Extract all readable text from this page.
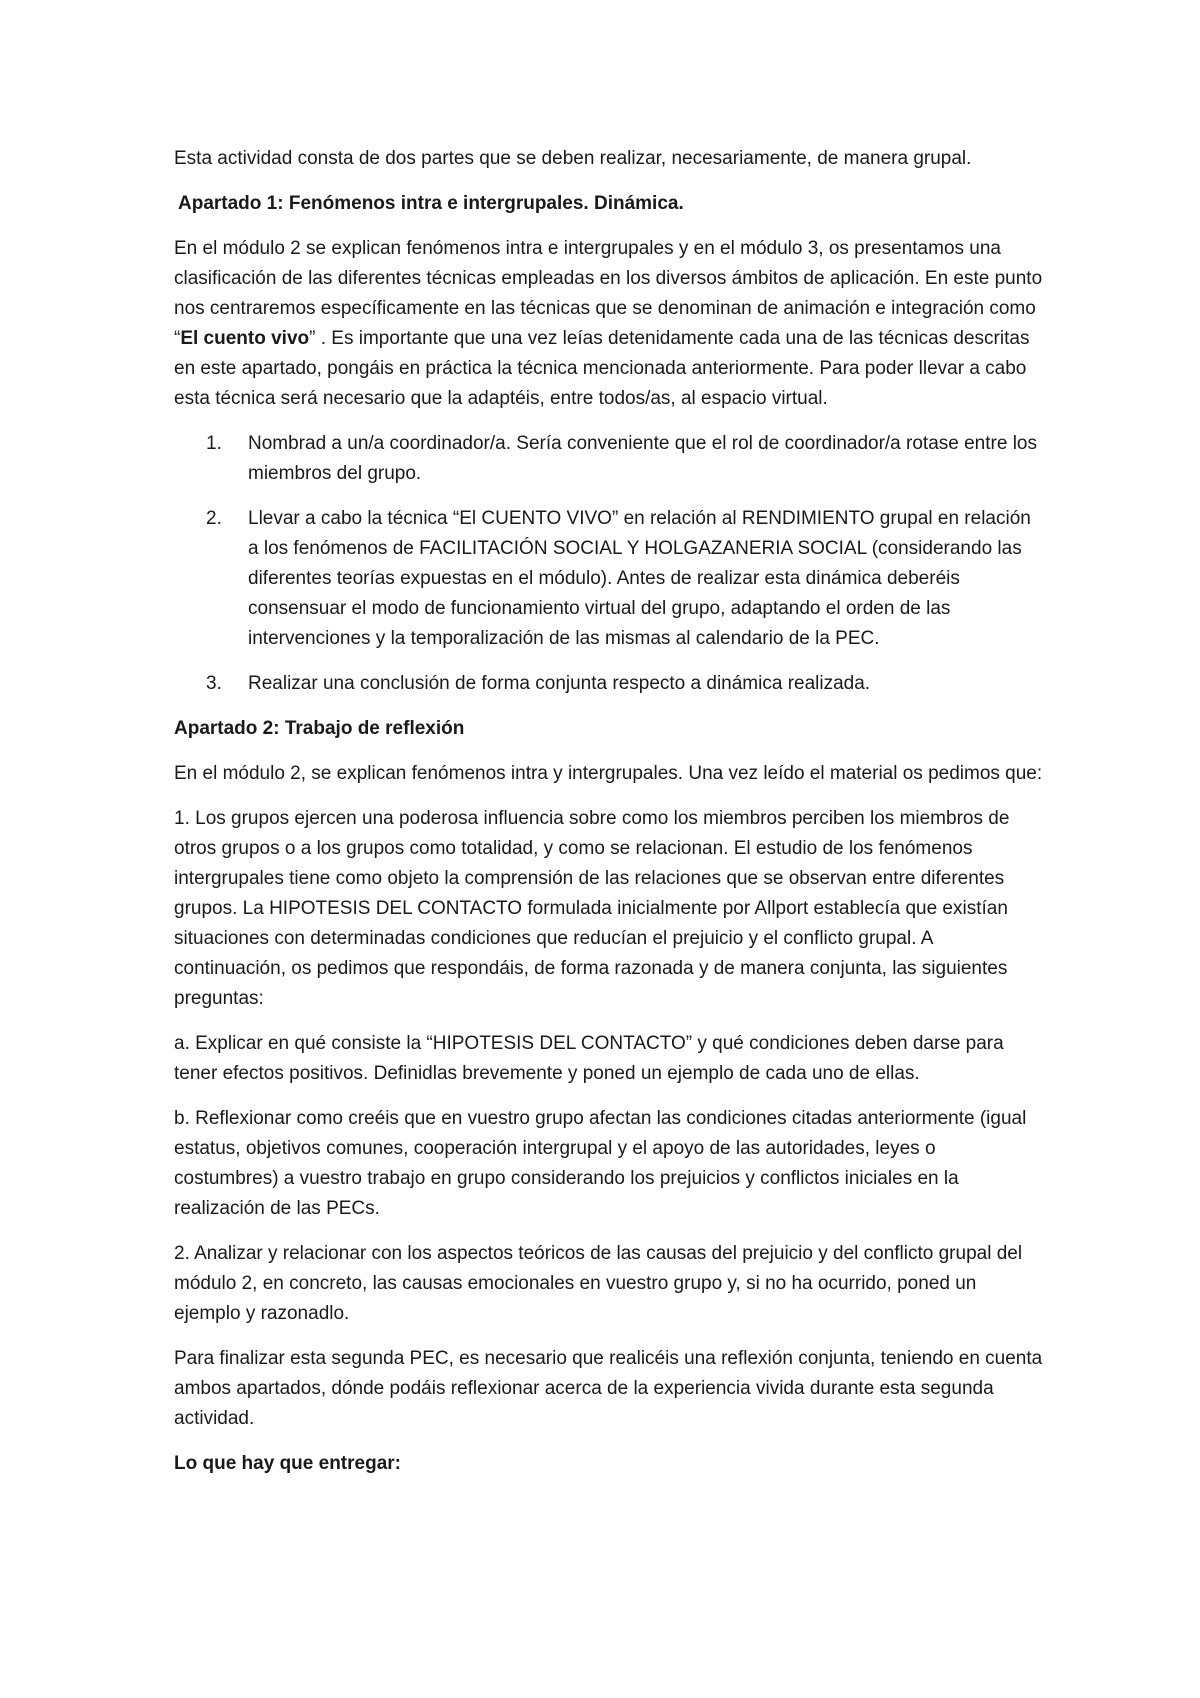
Esta actividad consta de dos partes que se deben realizar, necesariamente, de manera grupal.

Apartado 1: Fenómenos intra e intergrupales. Dinámica.

En el módulo 2 se explican fenómenos intra e intergrupales y en el módulo 3, os presentamos una clasificación de las diferentes técnicas empleadas en los diversos ámbitos de aplicación. En este punto nos centraremos específicamente en las técnicas que se denominan de animación e integración como “El cuento vivo” . Es importante que una vez leías detenidamente cada una de las técnicas descritas en este apartado, pongáis en práctica la técnica mencionada anteriormente. Para poder llevar a cabo esta técnica será necesario que la adaptéis, entre todos/as, al espacio virtual.

1. Nombrad a un/a coordinador/a. Sería conveniente que el rol de coordinador/a rotase entre los miembros del grupo.
2. Llevar a cabo la técnica “El CUENTO VIVO” en relación al RENDIMIENTO grupal en relación a los fenómenos de FACILITACIÓN SOCIAL Y HOLGAZANERIA SOCIAL (considerando las diferentes teorías expuestas en el módulo). Antes de realizar esta dinámica deberéis consensuar el modo de funcionamiento virtual del grupo, adaptando el orden de las intervenciones y la temporalización de las mismas al calendario de la PEC.
3. Realizar una conclusión de forma conjunta respecto a dinámica realizada.

Apartado 2: Trabajo de reflexión

En el módulo 2, se explican fenómenos intra y intergrupales. Una vez leído el material os pedimos que:

1. Los grupos ejercen una poderosa influencia sobre como los miembros perciben los miembros de otros grupos o a los grupos como totalidad, y como se relacionan. El estudio de los fenómenos intergrupales tiene como objeto la comprensión de las relaciones que se observan entre diferentes grupos. La HIPOTESIS DEL CONTACTO formulada inicialmente por Allport establecía que existían situaciones con determinadas condiciones que reducían el prejuicio y el conflicto grupal. A continuación, os pedimos que respondáis, de forma razonada y de manera conjunta, las siguientes preguntas:

a. Explicar en qué consiste la “HIPOTESIS DEL CONTACTO” y qué condiciones deben darse para tener efectos positivos. Definidlas brevemente y poned un ejemplo de cada uno de ellas.

b. Reflexionar como creéis que en vuestro grupo afectan las condiciones citadas anteriormente (igual estatus, objetivos comunes, cooperación intergrupal y el apoyo de las autoridades, leyes o costumbres) a vuestro trabajo en grupo considerando los prejuicios y conflictos iniciales en la realización de las PECs.

2. Analizar y relacionar con los aspectos teóricos de las causas del prejuicio y del conflicto grupal del módulo 2, en concreto, las causas emocionales en vuestro grupo y, si no ha ocurrido, poned un ejemplo y razonadlo.

Para finalizar esta segunda PEC, es necesario que realicéis una reflexión conjunta, teniendo en cuenta ambos apartados, dónde podáis reflexionar acerca de la experiencia vivida durante esta segunda actividad.

Lo que hay que entregar:
